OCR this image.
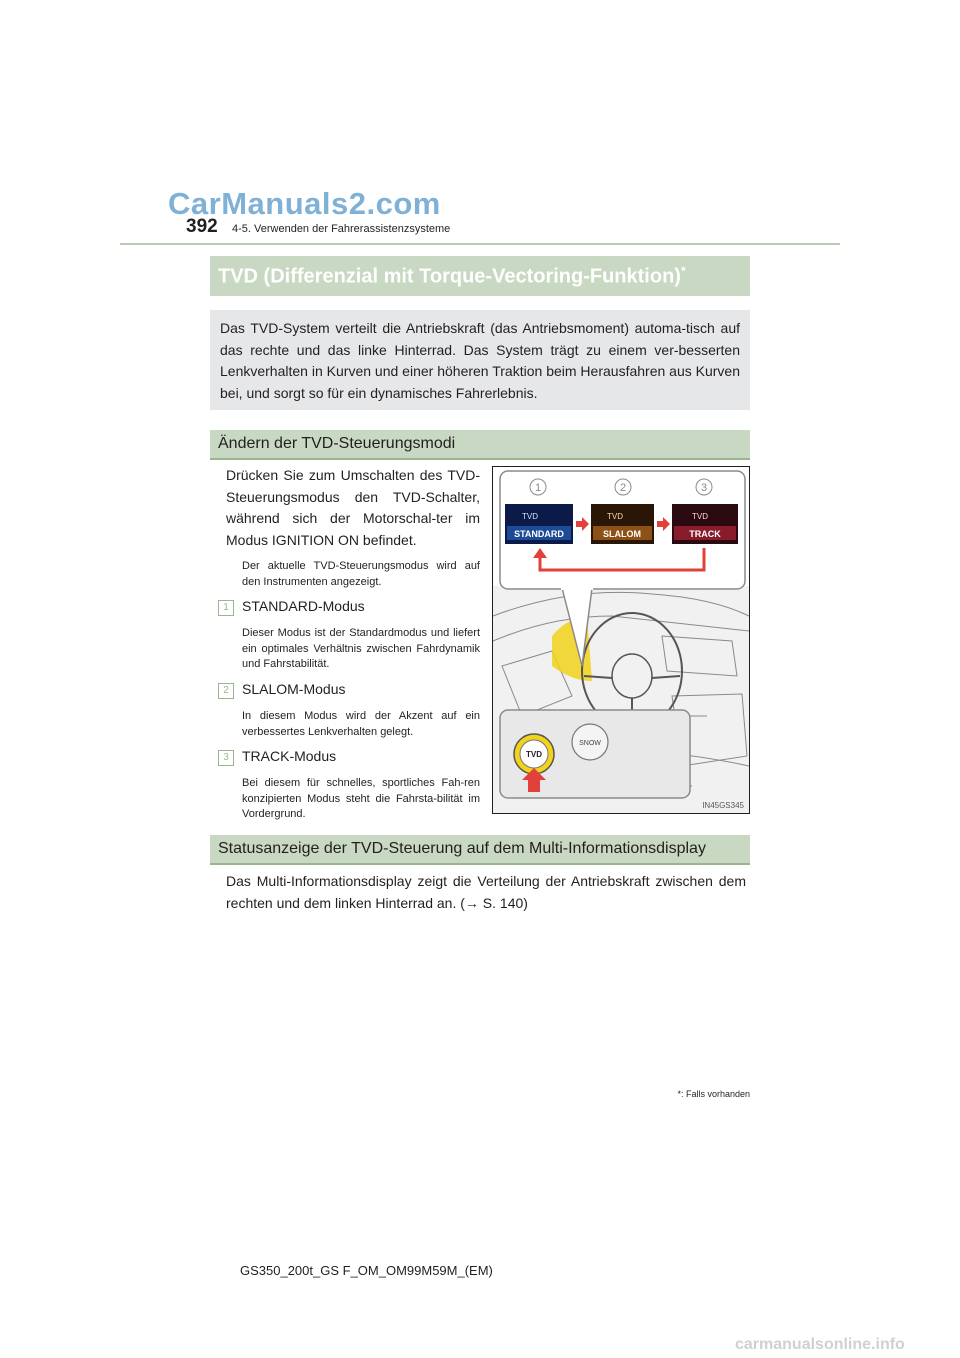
CarManuals2.com
392 4-5. Verwenden der Fahrerassistenzsysteme
TVD (Differenzial mit Torque-Vectoring-Funktion)*

Das TVD-System verteilt die Antriebskraft (das Antriebsmoment) automa-tisch auf das rechte und das linke Hinterrad. Das System trägt zu einem ver-besserten Lenkverhalten in Kurven und einer höheren Traktion beim Herausfahren aus Kurven bei, und sorgt so für ein dynamisches Fahrerlebnis.

Ändern der TVD-Steuerungsmodi
Drücken Sie zum Umschalten des TVD-Steuerungsmodus den TVD-Schalter, während sich der Motorschal-ter im Modus IGNITION ON befindet.
Der aktuelle TVD-Steuerungsmodus wird auf den Instrumenten angezeigt.
1 STANDARD-Modus
Dieser Modus ist der Standardmodus und liefert ein optimales Verhältnis zwischen Fahrdynamik und Fahrstabilität.
2 SLALOM-Modus
In diesem Modus wird der Akzent auf ein verbessertes Lenkverhalten gelegt.
3 TRACK-Modus
Bei diesem für schnelles, sportliches Fah-ren konzipierten Modus steht die Fahrsta-bilität im Vordergrund.
1	2	3
TVD
STANDARD
TVD
SLALOM
TVD
TRACK
TVD
SNOW
IN45GS345
Statusanzeige der TVD-Steuerung auf dem Multi-Informationsdisplay
Das Multi-Informationsdisplay zeigt die Verteilung der Antriebskraft zwischen dem rechten und dem linken Hinterrad an. (→ S. 140)
*: Falls vorhanden
GS350_200t_GS F_OM_OM99M59M_(EM)
carmanualsonline.info
